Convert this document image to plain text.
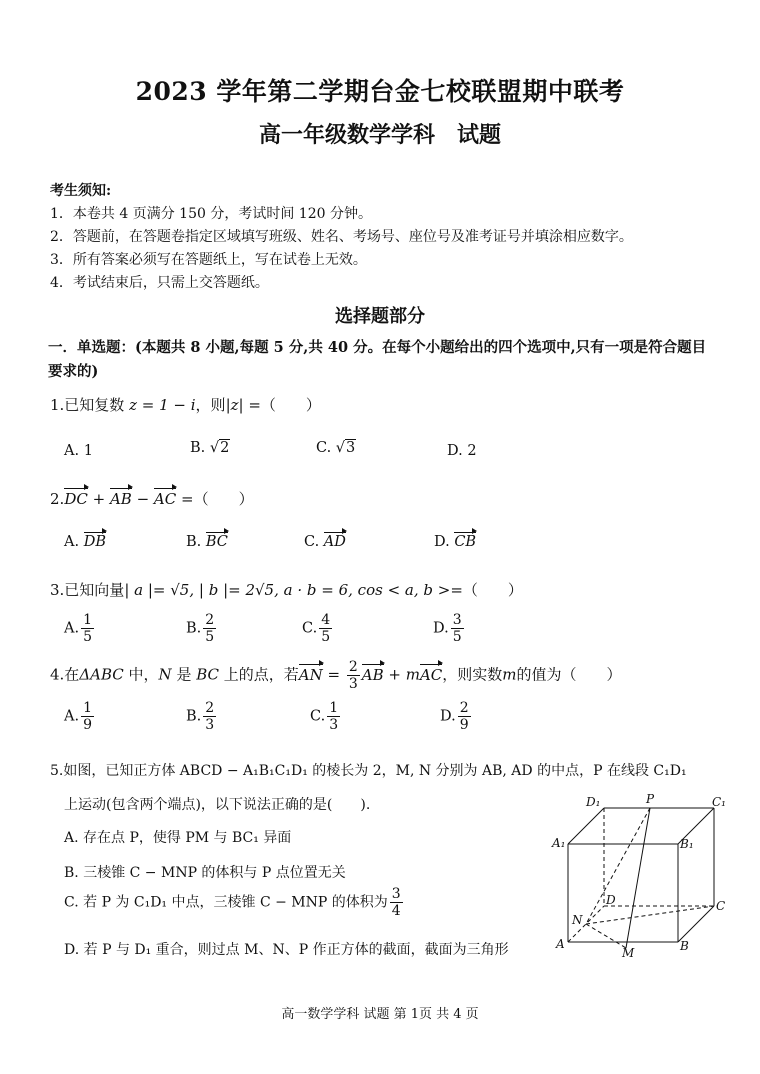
2023 学年第二学期台金七校联盟期中联考
高一年级数学学科　试题
考生须知:
1．本卷共 4 页满分 150 分，考试时间 120 分钟。
2．答题前，在答题卷指定区域填写班级、姓名、考场号、座位号及准考证号并填涂相应数字。
3．所有答案必须写在答题纸上，写在试卷上无效。
4．考试结束后，只需上交答题纸。
选择题部分
一．单选题：(本题共 8 小题,每题 5 分,共 40 分。在每个小题给出的四个选项中,只有一项是符合题目要求的)
1.已知复数 z = 1 − i，则|z| =（　　）
A. 1	B. √2	C. √3	D. 2
2.DC + AB − AC =（　　）
A. DB	B. BC	C. AD	D. CB
3.已知向量| a |= √5, | b |= 2√5, a · b = 6, cos < a, b >=（　　）
A. $\frac{1}{5}$	B. $\frac{2}{5}$	C. $\frac{4}{5}$	D. $\frac{3}{5}$
4.在ΔABC 中，N 是 BC 上的点，若AN = $\frac{2}{3}$ AB + mAC，则实数m的值为（　　）
A. $\frac{1}{9}$	B. $\frac{2}{3}$	C. $\frac{1}{3}$	D. $\frac{2}{9}$
5.如图，已知正方体 ABCD − A₁B₁C₁D₁ 的棱长为 2，M, N 分别为 AB, AD 的中点，P 在线段 C₁D₁
上运动(包含两个端点)，以下说法正确的是(　　).
A. 存在点 P，使得 PM 与 BC₁ 异面
B. 三棱锥 C − MNP 的体积与 P 点位置无关
C. 若 P 为 C₁D₁ 中点，三棱锥 C − MNP 的体积为 $\frac{3}{4}$
D. 若 P 与 D₁ 重合，则过点 M、N、P 作正方体的截面，截面为三角形
D₁	P	C₁
A₁	B₁
D	C
N
A
M	B
高一数学学科 试题 第 1页 共 4 页
